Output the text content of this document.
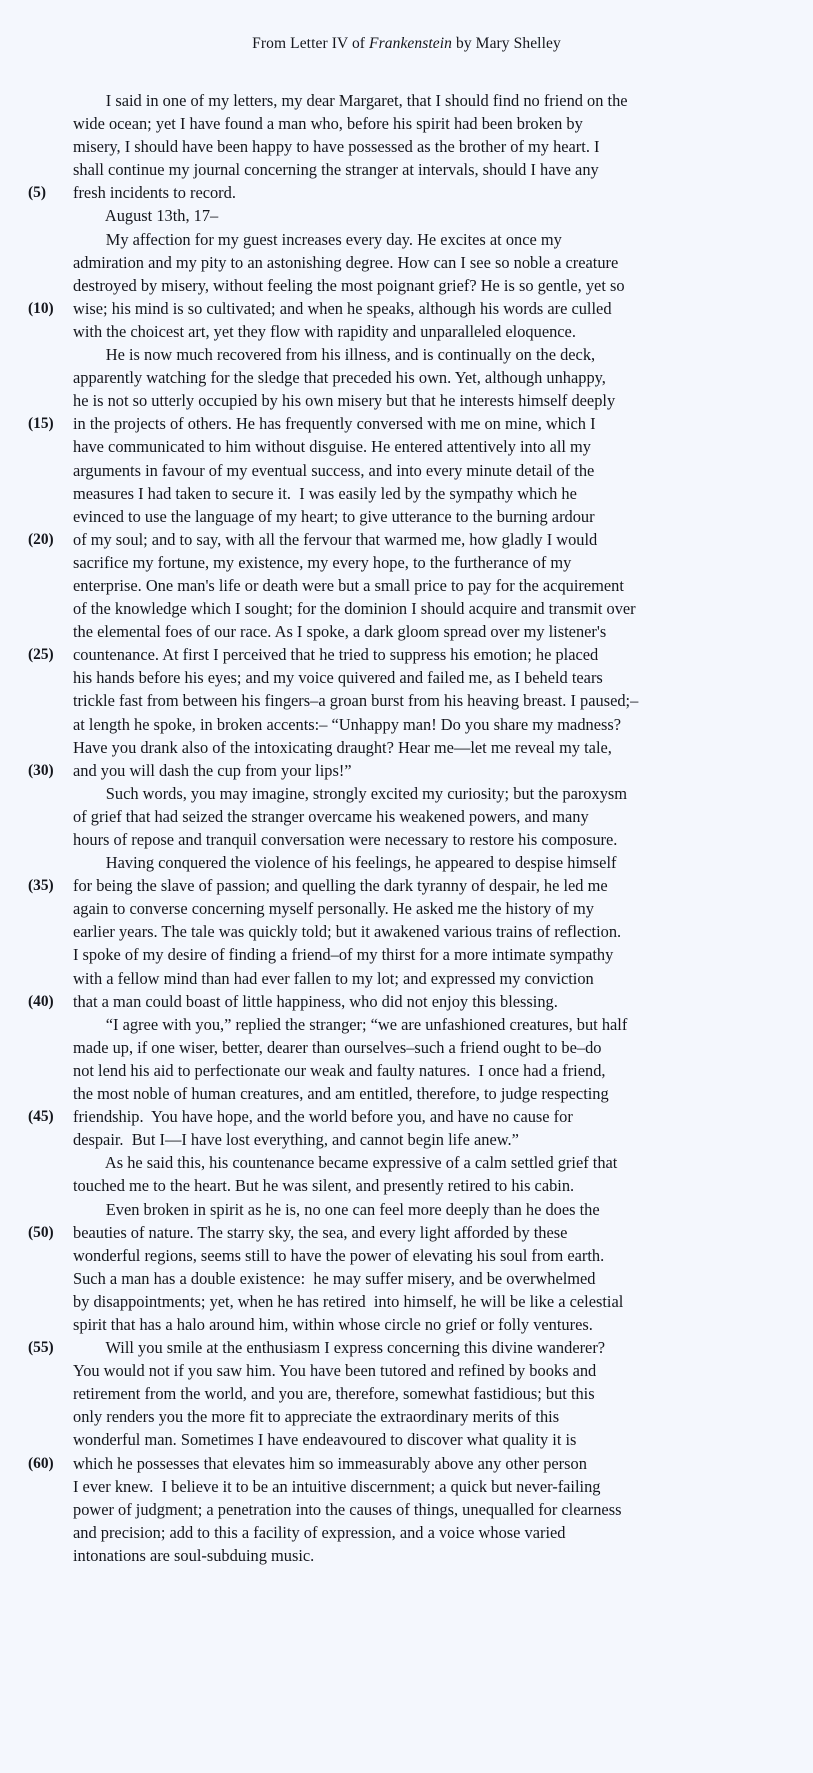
From Letter IV of Frankenstein by Mary Shelley
I said in one of my letters, my dear Margaret, that I should find no friend on the
wide ocean; yet I have found a man who, before his spirit had been broken by
misery, I should have been happy to have possessed as the brother of my heart. I
shall continue my journal concerning the stranger at intervals, should I have any
(5)	fresh incidents to record.
August 13th, 17–
My affection for my guest increases every day. He excites at once my
admiration and my pity to an astonishing degree. How can I see so noble a creature
destroyed by misery, without feeling the most poignant grief? He is so gentle, yet so
(10)	wise; his mind is so cultivated; and when he speaks, although his words are culled
with the choicest art, yet they flow with rapidity and unparalleled eloquence.
He is now much recovered from his illness, and is continually on the deck,
apparently watching for the sledge that preceded his own. Yet, although unhappy,
he is not so utterly occupied by his own misery but that he interests himself deeply
(15)	in the projects of others. He has frequently conversed with me on mine, which I
have communicated to him without disguise. He entered attentively into all my
arguments in favour of my eventual success, and into every minute detail of the
measures I had taken to secure it.  I was easily led by the sympathy which he
evinced to use the language of my heart; to give utterance to the burning ardour
(20)	of my soul; and to say, with all the fervour that warmed me, how gladly I would
sacrifice my fortune, my existence, my every hope, to the furtherance of my
enterprise. One man's life or death were but a small price to pay for the acquirement
of the knowledge which I sought; for the dominion I should acquire and transmit over
the elemental foes of our race. As I spoke, a dark gloom spread over my listener's
(25)	countenance. At first I perceived that he tried to suppress his emotion; he placed
his hands before his eyes; and my voice quivered and failed me, as I beheld tears
trickle fast from between his fingers–a groan burst from his heaving breast. I paused;–
at length he spoke, in broken accents:– “Unhappy man! Do you share my madness?
Have you drank also of the intoxicating draught? Hear me—let me reveal my tale,
(30)	and you will dash the cup from your lips!”
Such words, you may imagine, strongly excited my curiosity; but the paroxysm
of grief that had seized the stranger overcame his weakened powers, and many
hours of repose and tranquil conversation were necessary to restore his composure.
Having conquered the violence of his feelings, he appeared to despise himself
(35)	for being the slave of passion; and quelling the dark tyranny of despair, he led me
again to converse concerning myself personally. He asked me the history of my
earlier years. The tale was quickly told; but it awakened various trains of reflection.
I spoke of my desire of finding a friend–of my thirst for a more intimate sympathy
with a fellow mind than had ever fallen to my lot; and expressed my conviction
(40)	that a man could boast of little happiness, who did not enjoy this blessing.
“I agree with you,” replied the stranger; “we are unfashioned creatures, but half
made up, if one wiser, better, dearer than ourselves–such a friend ought to be–do
not lend his aid to perfectionate our weak and faulty natures.  I once had a friend,
the most noble of human creatures, and am entitled, therefore, to judge respecting
(45)	friendship.  You have hope, and the world before you, and have no cause for
despair.  But I—I have lost everything, and cannot begin life anew.”
As he said this, his countenance became expressive of a calm settled grief that
touched me to the heart. But he was silent, and presently retired to his cabin.
Even broken in spirit as he is, no one can feel more deeply than he does the
(50)	beauties of nature. The starry sky, the sea, and every light afforded by these
wonderful regions, seems still to have the power of elevating his soul from earth.
Such a man has a double existence:  he may suffer misery, and be overwhelmed
by disappointments; yet, when he has retired  into himself, he will be like a celestial
spirit that has a halo around him, within whose circle no grief or folly ventures.
(55)	Will you smile at the enthusiasm I express concerning this divine wanderer?
You would not if you saw him. You have been tutored and refined by books and
retirement from the world, and you are, therefore, somewhat fastidious; but this
only renders you the more fit to appreciate the extraordinary merits of this
wonderful man. Sometimes I have endeavoured to discover what quality it is
(60)	which he possesses that elevates him so immeasurably above any other person
I ever knew.  I believe it to be an intuitive discernment; a quick but never-failing
power of judgment; a penetration into the causes of things, unequalled for clearness
and precision; add to this a facility of expression, and a voice whose varied
intonations are soul-subduing music.
